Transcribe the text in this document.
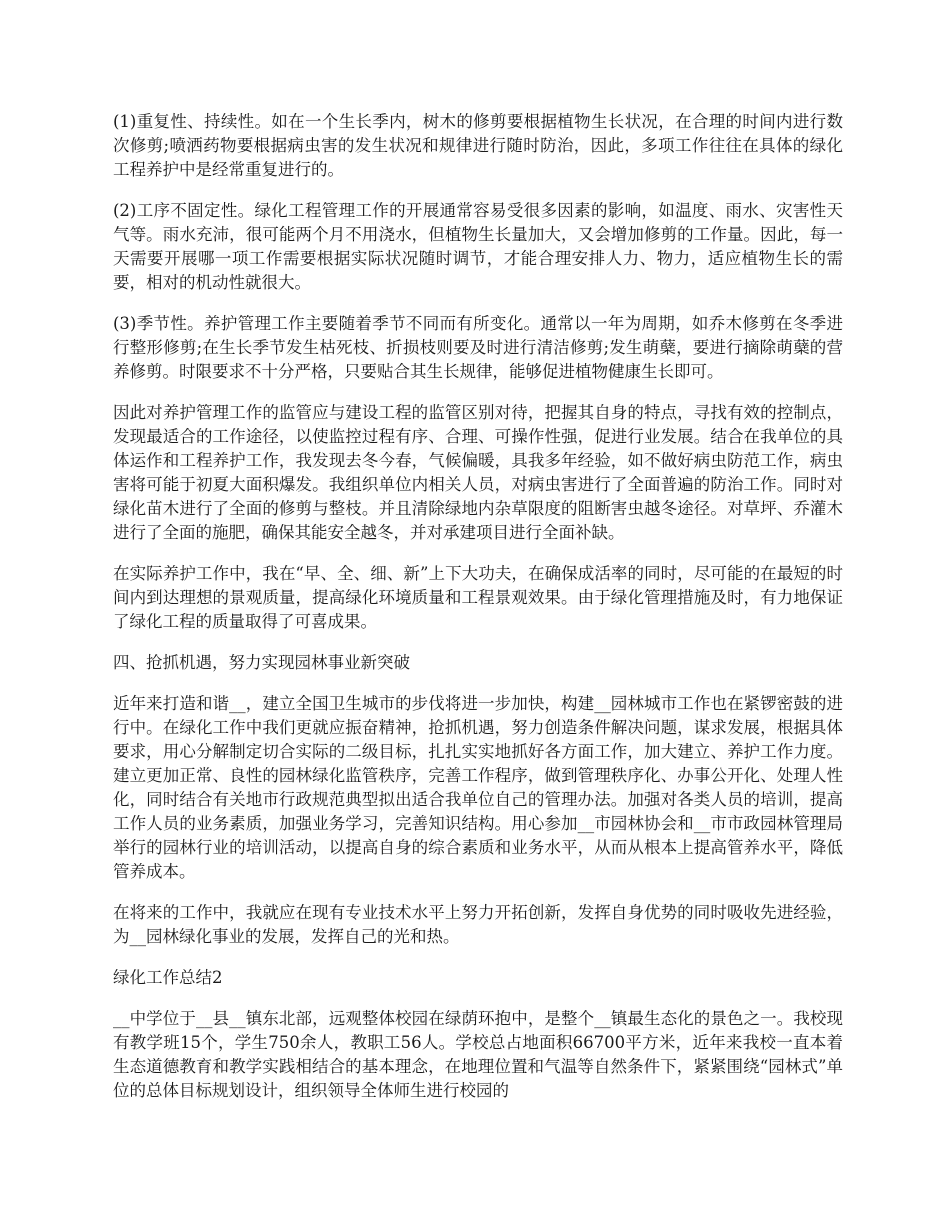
(1)重复性、持续性。如在一个生长季内，树木的修剪要根据植物生长状况，在合理的时间内进行数次修剪;喷洒药物要根据病虫害的发生状况和规律进行随时防治，因此，多项工作往往在具体的绿化工程养护中是经常重复进行的。

(2)工序不固定性。绿化工程管理工作的开展通常容易受很多因素的影响，如温度、雨水、灾害性天气等。雨水充沛，很可能两个月不用浇水，但植物生长量加大，又会增加修剪的工作量。因此，每一天需要开展哪一项工作需要根据实际状况随时调节，才能合理安排人力、物力，适应植物生长的需要，相对的机动性就很大。

(3)季节性。养护管理工作主要随着季节不同而有所变化。通常以一年为周期，如乔木修剪在冬季进行整形修剪;在生长季节发生枯死枝、折损枝则要及时进行清洁修剪;发生萌蘖，要进行摘除萌蘖的营养修剪。时限要求不十分严格，只要贴合其生长规律，能够促进植物健康生长即可。

因此对养护管理工作的监管应与建设工程的监管区别对待，把握其自身的特点，寻找有效的控制点，发现最适合的工作途径，以使监控过程有序、合理、可操作性强，促进行业发展。结合在我单位的具体运作和工程养护工作，我发现去冬今春，气候偏暖，具我多年经验，如不做好病虫防范工作，病虫害将可能于初夏大面积爆发。我组织单位内相关人员，对病虫害进行了全面普遍的防治工作。同时对绿化苗木进行了全面的修剪与整枝。并且清除绿地内杂草限度的阻断害虫越冬途径。对草坪、乔灌木进行了全面的施肥，确保其能安全越冬，并对承建项目进行全面补缺。

在实际养护工作中，我在“早、全、细、新”上下大功夫，在确保成活率的同时，尽可能的在最短的时间内到达理想的景观质量，提高绿化环境质量和工程景观效果。由于绿化管理措施及时，有力地保证了绿化工程的质量取得了可喜成果。

四、抢抓机遇，努力实现园林事业新突破

近年来打造和谐__，建立全国卫生城市的步伐将进一步加快，构建__园林城市工作也在紧锣密鼓的进行中。在绿化工作中我们更就应振奋精神，抢抓机遇，努力创造条件解决问题，谋求发展，根据具体要求，用心分解制定切合实际的二级目标，扎扎实实地抓好各方面工作，加大建立、养护工作力度。建立更加正常、良性的园林绿化监管秩序，完善工作程序，做到管理秩序化、办事公开化、处理人性化，同时结合有关地市行政规范典型拟出适合我单位自己的管理办法。加强对各类人员的培训，提高工作人员的业务素质，加强业务学习，完善知识结构。用心参加__市园林协会和__市市政园林管理局举行的园林行业的培训活动，以提高自身的综合素质和业务水平，从而从根本上提高管养水平，降低管养成本。

在将来的工作中，我就应在现有专业技术水平上努力开拓创新，发挥自身优势的同时吸收先进经验，为__园林绿化事业的发展，发挥自己的光和热。

绿化工作总结2

__中学位于__县__镇东北部，远观整体校园在绿荫环抱中，是整个__镇最生态化的景色之一。我校现有教学班15个，学生750余人，教职工56人。学校总占地面积66700平方米，近年来我校一直本着生态道德教育和教学实践相结合的基本理念，在地理位置和气温等自然条件下，紧紧围绕“园林式”单位的总体目标规划设计，组织领导全体师生进行校园的
